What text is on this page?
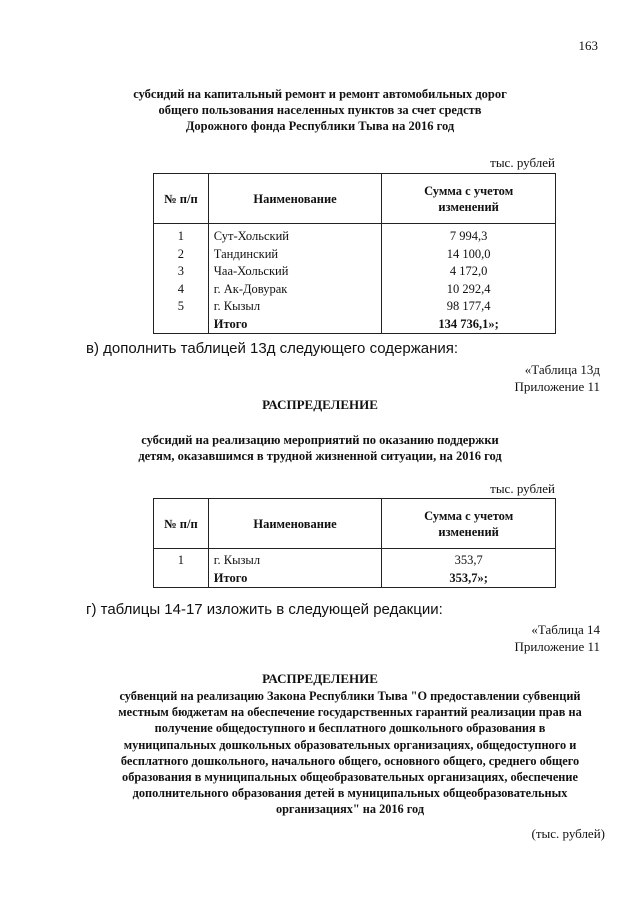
163
субсидий на капитальный ремонт и ремонт автомобильных дорог
общего пользования населенных пунктов за счет средств
Дорожного фонда Республики Тыва на 2016 год
тыс. рублей
№ п/п	Наименование	Сумма с учетом изменений
1	Сут-Хольский	7 994,3
2	Тандинский	14 100,0
3	Чаа-Хольский	4 172,0
4	г. Ак-Довурак	10 292,4
5	г. Кызыл	98 177,4
	Итого	134 736,1»;
в) дополнить таблицей 13д следующего содержания:
«Таблица 13д
Приложение 11
РАСПРЕДЕЛЕНИЕ
субсидий на реализацию мероприятий по оказанию поддержки
детям, оказавшимся в трудной жизненной ситуации, на 2016 год
тыс. рублей
№ п/п	Наименование	Сумма с учетом изменений
1	г. Кызыл	353,7
	Итого	353,7»;
г) таблицы 14-17 изложить в следующей редакции:
«Таблица 14
Приложение 11
РАСПРЕДЕЛЕНИЕ
субвенций на реализацию Закона Республики Тыва "О предоставлении субвенций
местным бюджетам на обеспечение государственных гарантий реализации прав на
получение общедоступного и бесплатного дошкольного образования в
муниципальных дошкольных образовательных организациях, общедоступного и
бесплатного дошкольного, начального общего, основного общего, среднего общего
образования в муниципальных общеобразовательных организациях, обеспечение
дополнительного образования детей в муниципальных общеобразовательных
организациях" на 2016 год
(тыс. рублей)
